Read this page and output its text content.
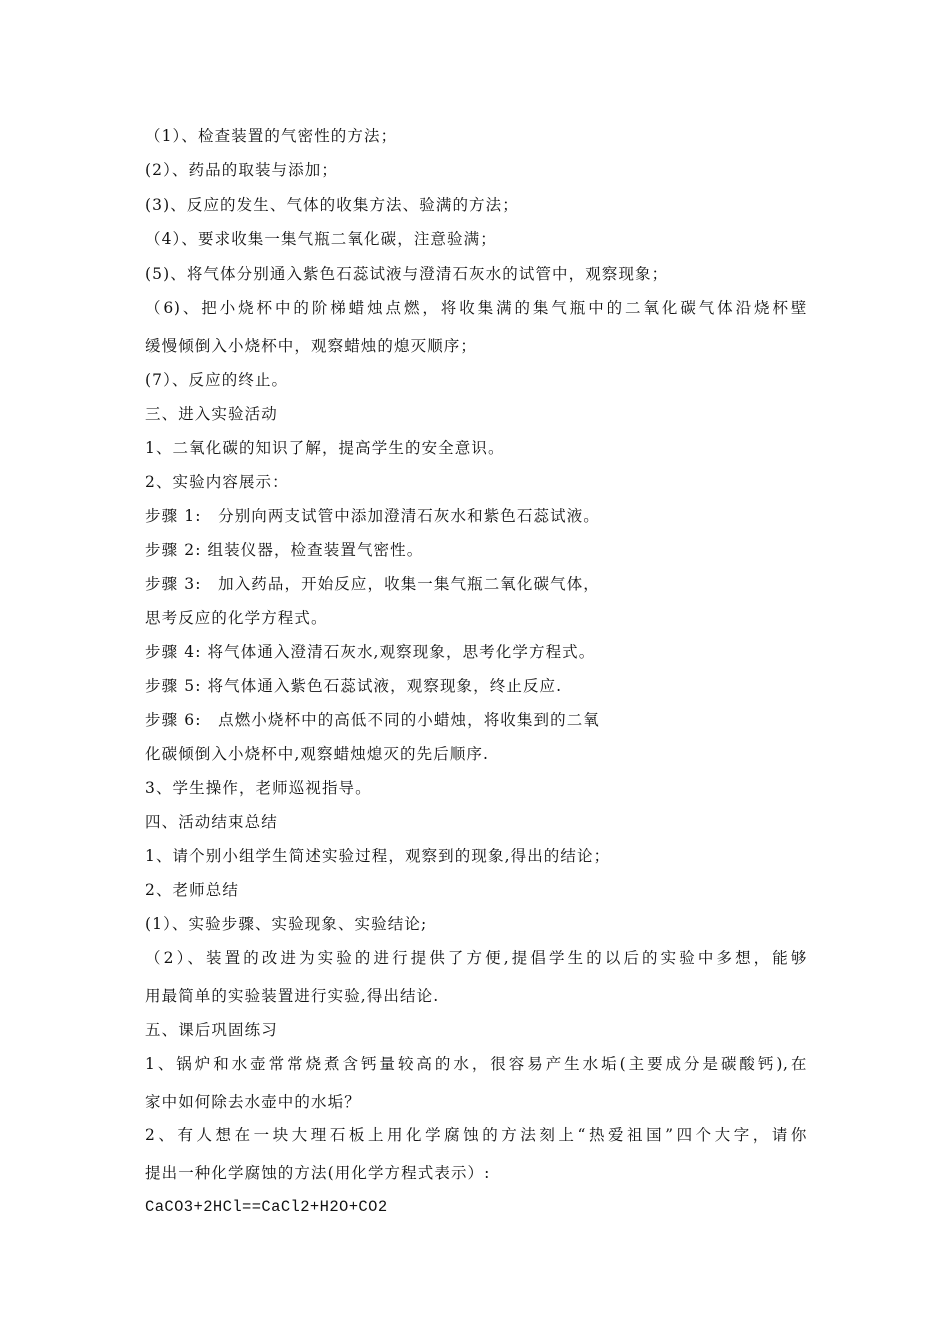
（1）、检查装置的气密性的方法；
(2）、药品的取装与添加；
(3)、反应的发生、气体的收集方法、验满的方法；
（4）、要求收集一集气瓶二氧化碳，注意验满；
(5)、将气体分别通入紫色石蕊试液与澄清石灰水的试管中，观察现象；
（6)、把小烧杯中的阶梯蜡烛点燃，将收集满的集气瓶中的二氧化碳气体沿烧杯壁
缓慢倾倒入小烧杯中，观察蜡烛的熄灭顺序；
(7）、反应的终止。
三、进入实验活动
1、二氧化碳的知识了解，提高学生的安全意识。
2、实验内容展示：
步骤 1:　分别向两支试管中添加澄清石灰水和紫色石蕊试液。
步骤 2: 组装仪器，检查装置气密性。
步骤 3:　加入药品，开始反应，收集一集气瓶二氧化碳气体，
思考反应的化学方程式。
步骤 4: 将气体通入澄清石灰水,观察现象，思考化学方程式。
步骤 5: 将气体通入紫色石蕊试液，观察现象，终止反应.
步骤 6:　点燃小烧杯中的高低不同的小蜡烛，将收集到的二氧
化碳倾倒入小烧杯中,观察蜡烛熄灭的先后顺序.
3、学生操作，老师巡视指导。
四、活动结束总结
1、请个别小组学生简述实验过程，观察到的现象,得出的结论；
2、老师总结
(1）、实验步骤、实验现象、实验结论;
（2）、装置的改进为实验的进行提供了方便,提倡学生的以后的实验中多想，能够
用最简单的实验装置进行实验,得出结论.
五、课后巩固练习
1、锅炉和水壶常常烧煮含钙量较高的水，很容易产生水垢(主要成分是碳酸钙),在
家中如何除去水壶中的水垢？
2、有人想在一块大理石板上用化学腐蚀的方法刻上“热爱祖国”四个大字，请你
提出一种化学腐蚀的方法(用化学方程式表示）:
CaCO3+2HCl==CaCl2+H2O+CO2
